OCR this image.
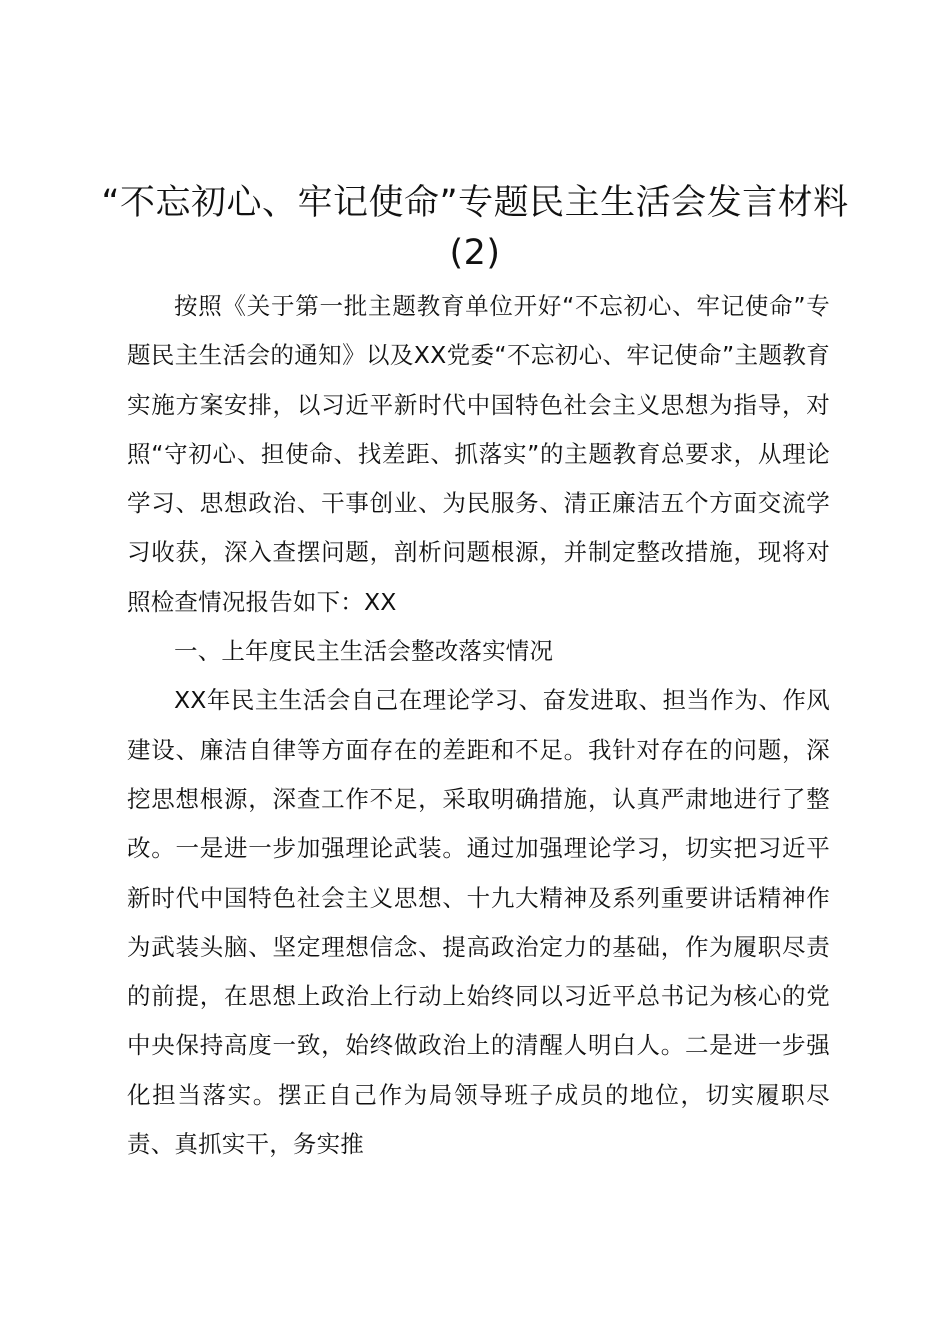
“不忘初心、牢记使命”专题民主生活会发言材料(2)

按照《关于第一批主题教育单位开好“不忘初心、牢记使命”专题民主生活会的通知》以及XX党委“不忘初心、牢记使命”主题教育实施方案安排，以习近平新时代中国特色社会主义思想为指导，对照“守初心、担使命、找差距、抓落实”的主题教育总要求，从理论学习、思想政治、干事创业、为民服务、清正廉洁五个方面交流学习收获，深入查摆问题，剖析问题根源，并制定整改措施，现将对照检查情况报告如下：XX

一、上年度民主生活会整改落实情况

XX年民主生活会自己在理论学习、奋发进取、担当作为、作风建设、廉洁自律等方面存在的差距和不足。我针对存在的问题，深挖思想根源，深查工作不足，采取明确措施，认真严肃地进行了整改。一是进一步加强理论武装。通过加强理论学习，切实把习近平新时代中国特色社会主义思想、十九大精神及系列重要讲话精神作为武装头脑、坚定理想信念、提高政治定力的基础，作为履职尽责的前提，在思想上政治上行动上始终同以习近平总书记为核心的党中央保持高度一致，始终做政治上的清醒人明白人。二是进一步强化担当落实。摆正自己作为局领导班子成员的地位，切实履职尽责、真抓实干，务实推
